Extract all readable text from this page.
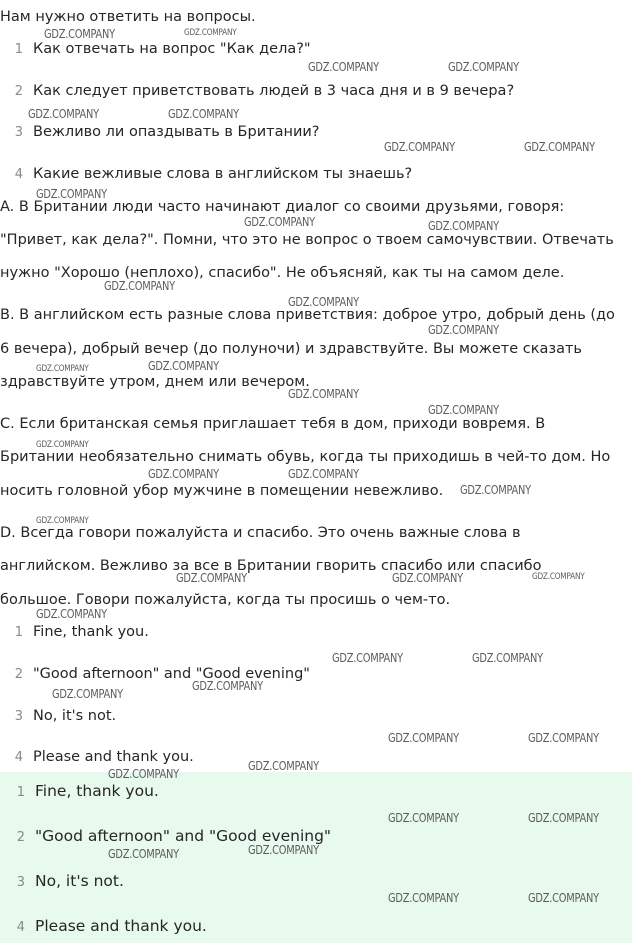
Нам нужно ответить на вопросы.
1 Как отвечать на вопрос "Как дела?"
2 Как следует приветствовать людей в 3 часа дня и в 9 вечера?
3 Вежливо ли опаздывать в Британии?
4 Какие вежливые слова в английском ты знаешь?
A. В Британии люди часто начинают диалог со своими друзьями, говоря:
"Привет, как дела?". Помни, что это не вопрос о твоем самочувствии. Отвечать
нужно "Хорошо (неплохо), спасибо". Не объясняй, как ты на самом деле.
B. В английском есть разные слова приветствия: доброе утро, добрый день (до
6 вечера), добрый вечер (до полуночи) и здравствуйте. Вы можете сказать
здравствуйте утром, днем или вечером.
C. Если британская семья приглашает тебя в дом, приходи вовремя. В
Британии необязательно снимать обувь, когда ты приходишь в чей-то дом. Но
носить головной убор мужчине в помещении невежливо.
D. Всегда говори пожалуйста и спасибо. Это очень важные слова в
английском. Вежливо за все в Британии гворить спасибо или спасибо
большое. Говори пожалуйста, когда ты просишь о чем-то.
1 Fine, thank you.
2 "Good afternoon" and "Good evening"
3 No, it's not.
4 Please and thank you.
1 Fine, thank you.
2 "Good afternoon" and "Good evening"
3 No, it's not.
4 Please and thank you.
GDZ.COMPANY	GDZ.COMPANY
GDZ.COMPANY	GDZ.COMPANY
GDZ.COMPANY	GDZ.COMPANY
GDZ.COMPANY	GDZ.COMPANY
GDZ.COMPANY
GDZ.COMPANY	GDZ.COMPANY
GDZ.COMPANY
GDZ.COMPANY
GDZ.COMPANY
GDZ.COMPANY	GDZ.COMPANY
GDZ.COMPANY
GDZ.COMPANY
GDZ.COMPANY
GDZ.COMPANY	GDZ.COMPANY
GDZ.COMPANY
GDZ.COMPANY
GDZ.COMPANY	GDZ.COMPANY	GDZ.COMPANY
GDZ.COMPANY
GDZ.COMPANY	GDZ.COMPANY
GDZ.COMPANY
GDZ.COMPANY
GDZ.COMPANY	GDZ.COMPANY
GDZ.COMPANY
GDZ.COMPANY
GDZ.COMPANY	GDZ.COMPANY
GDZ.COMPANY	GDZ.COMPANY
GDZ.COMPANY	GDZ.COMPANY
